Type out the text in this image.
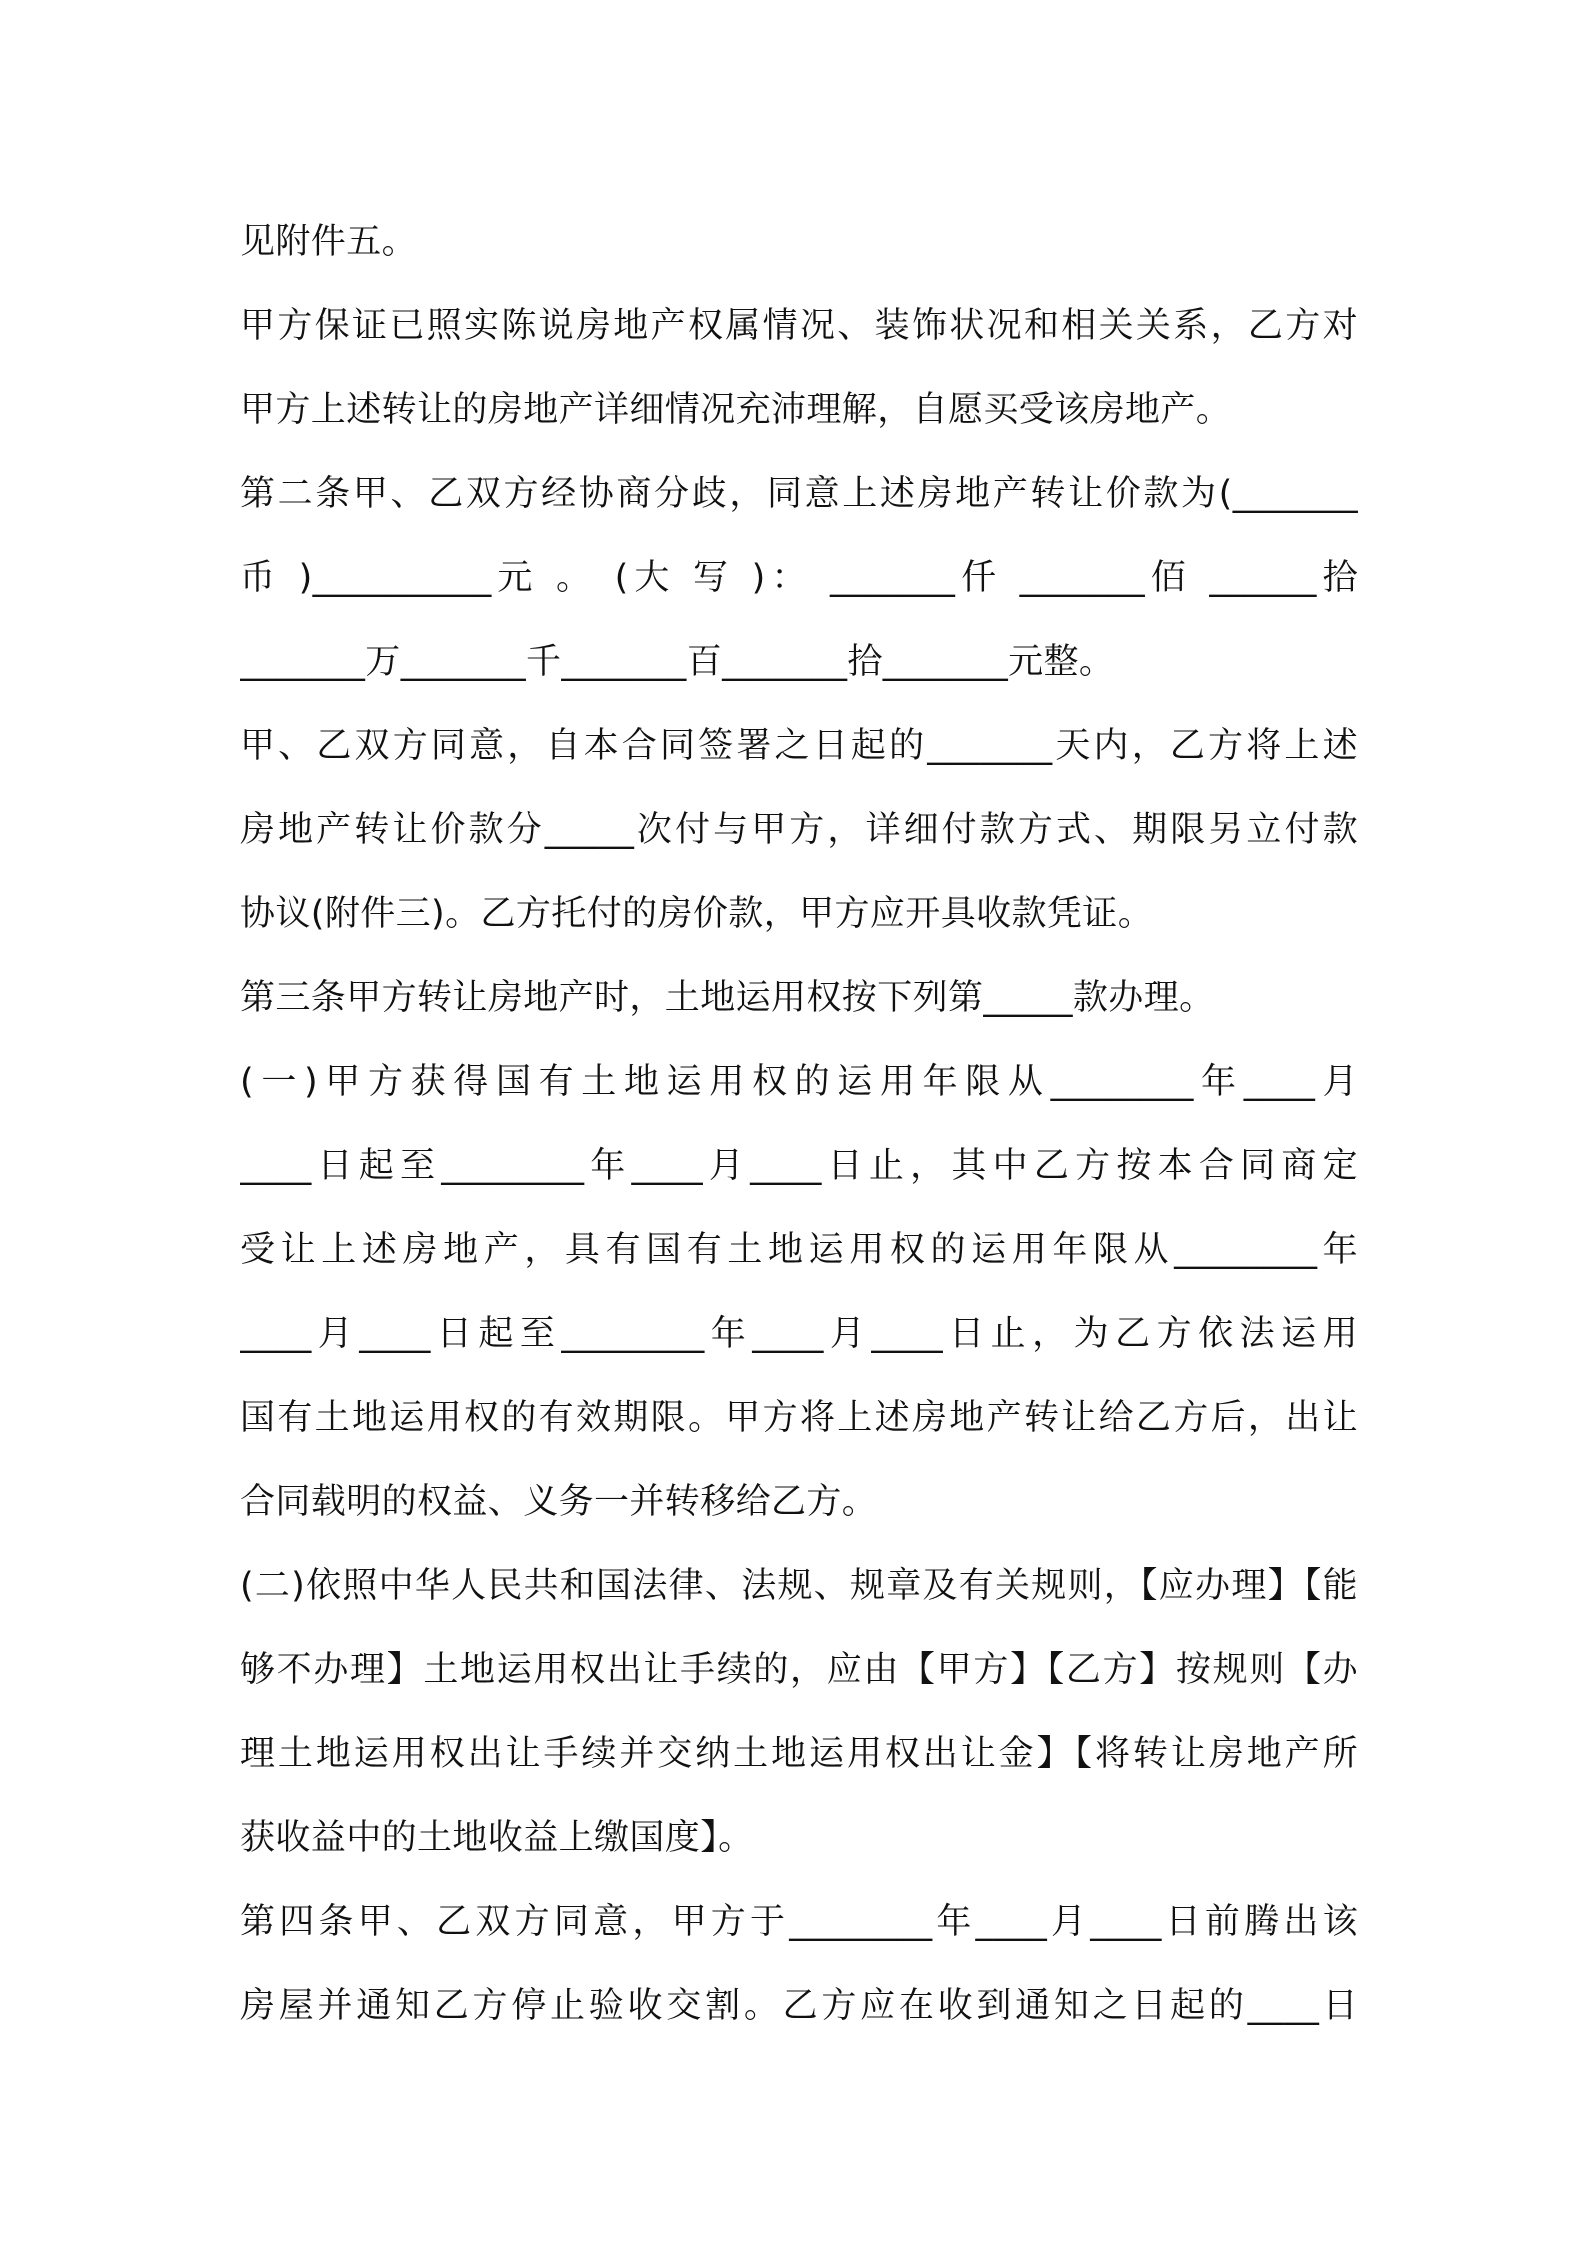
见附件五。
甲方保证已照实陈说房地产权属情况、装饰状况和相关关系，乙方对
甲方上述转让的房地产详细情况充沛理解，自愿买受该房地产。
第二条甲、乙双方经协商分歧，同意上述房地产转让价款为(_______
币 )__________元 。 (大 写 )： _______仟 _______佰 ______拾
_______万_______千_______百_______拾_______元整。
甲、乙双方同意，自本合同签署之日起的_______天内，乙方将上述
房地产转让价款分_____次付与甲方，详细付款方式、期限另立付款
协议(附件三)。乙方托付的房价款，甲方应开具收款凭证。
第三条甲方转让房地产时，土地运用权按下列第_____款办理。
(一)甲方获得国有土地运用权的运用年限从________年____月
____日起至________年____月____日止，其中乙方按本合同商定
受让上述房地产，具有国有土地运用权的运用年限从________年
____月____日起至________年____月____日止，为乙方依法运用
国有土地运用权的有效期限。甲方将上述房地产转让给乙方后，出让
合同载明的权益、义务一并转移给乙方。
(二)依照中华人民共和国法律、法规、规章及有关规则，【应办理】【能
够不办理】土地运用权出让手续的，应由【甲方】【乙方】按规则【办
理土地运用权出让手续并交纳土地运用权出让金】【将转让房地产所
获收益中的土地收益上缴国度】。
第四条甲、乙双方同意，甲方于________年____月____日前腾出该
房屋并通知乙方停止验收交割。乙方应在收到通知之日起的____日
